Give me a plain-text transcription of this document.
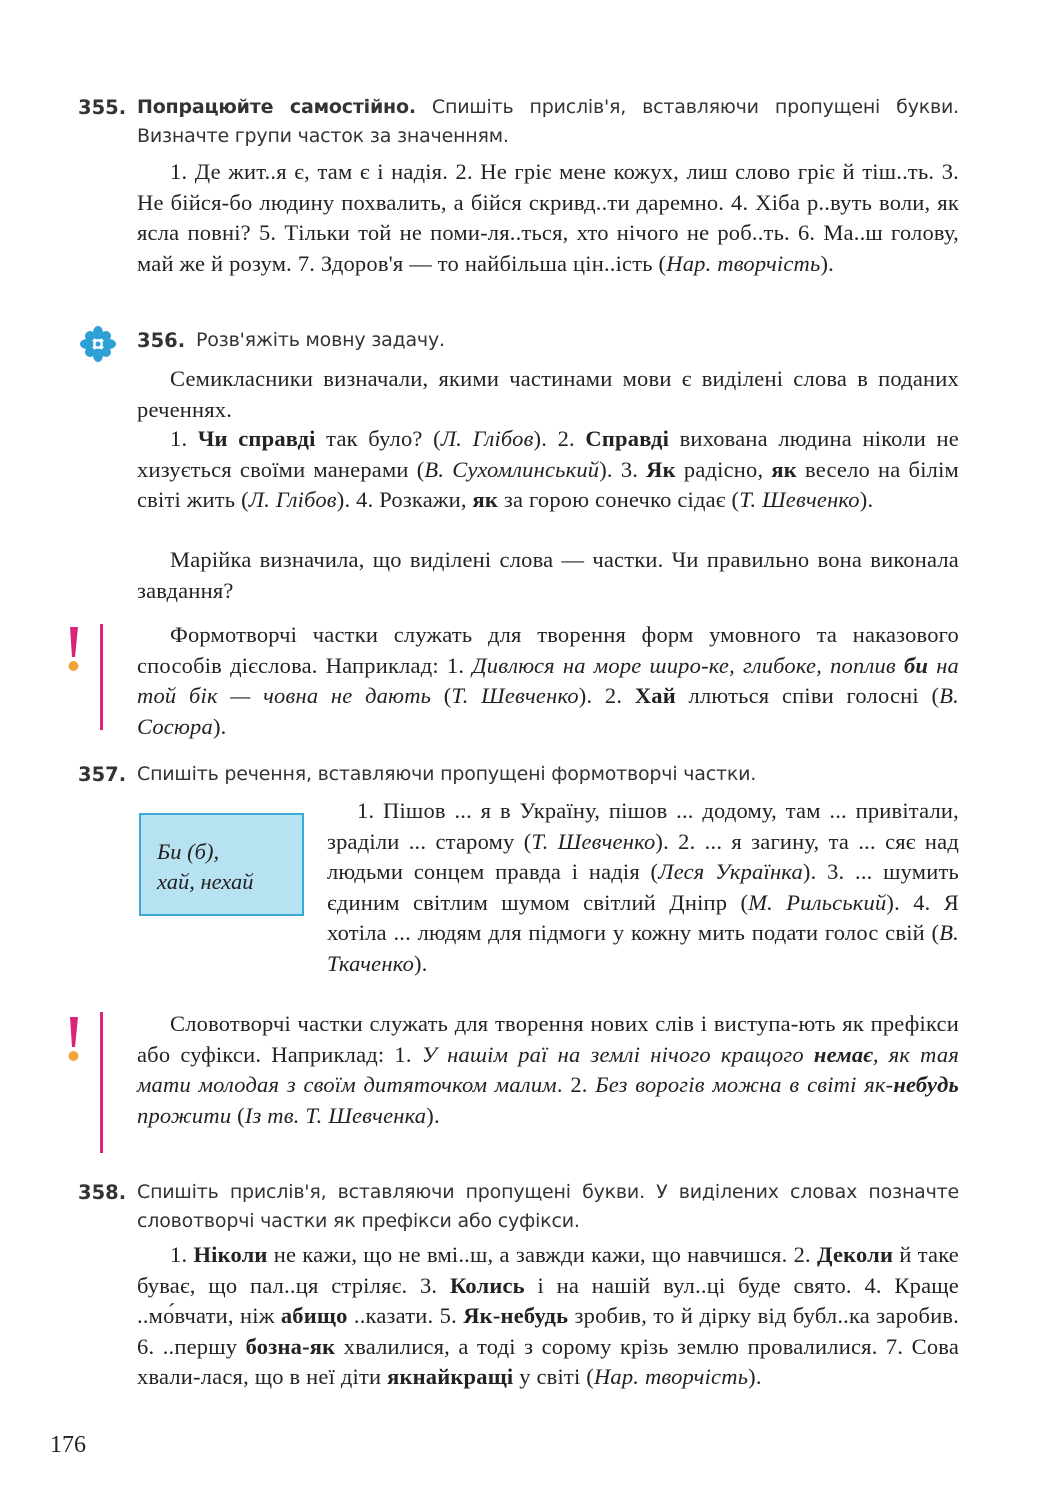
355. Попрацюйте самостійно. Спишіть прислів'я, вставляючи пропущені букви. Визначте групи часток за значенням.

1. Де жит..я є, там є і надія. 2. Не гріє мене кожух, лиш слово гріє й тіш..ть. 3. Не бійся-бо людину похвалить, а бійся скривд..ти даремно. 4. Хіба р..вуть воли, як ясла повні? 5. Тільки той не поми-ля..ться, хто нічого не роб..ть. 6. Ма..ш голову, май же й розум. 7. Здоров'я — то найбільша цін..ість (Нар. творчість).

356. Розв'яжіть мовну задачу.

Семикласники визначали, якими частинами мови є виділені слова в поданих реченнях.

1. Чи справді так було? (Л. Глібов). 2. Справді вихована людина ніколи не хизується своїми манерами (В. Сухомлинський). 3. Як радісно, як весело на білім світі жить (Л. Глібов). 4. Розкажи, як за горою сонечко сідає (Т. Шевченко).

Марійка визначила, що виділені слова — частки. Чи правильно вона виконала завдання?

Формотворчі частки служать для творення форм умовного та наказового способів дієслова. Наприклад: 1. Дивлюся на море широ-ке, глибоке, поплив би на той бік — човна не дають (Т. Шевченко). 2. Хай ллються співи голосні (В. Сосюра).

357. Спишіть речення, вставляючи пропущені формотворчі частки.

Би (б),
хай, нехай

1. Пішов ... я в Україну, пішов ... додому, там ... привітали, зраділи ... старому (Т. Шевченко). 2. ... я загину, та ... сяє над людьми сонцем правда і надія (Леся Українка). 3. ... шумить єдиним світлим шумом світлий Дніпр (М. Рильський). 4. Я хотіла ... людям для підмоги у кожну мить подати голос свій (В. Ткаченко).

Словотворчі частки служать для творення нових слів і виступа-ють як префікси або суфікси. Наприклад: 1. У нашім раї на землі нічого кращого немає, як тая мати молодая з своїм дитяточком малим. 2. Без ворогів можна в світі як-небудь прожити (Із тв. Т. Шевченка).

358. Спишіть прислів'я, вставляючи пропущені букви. У виділених словах позначте словотворчі частки як префікси або суфікси.

1. Ніколи не кажи, що не вмі..ш, а завжди кажи, що навчишся. 2. Деколи й таке буває, що пал..ця стріляє. 3. Колись і на нашій вул..ці буде свято. 4. Краще ..мо́вчати, ніж абищо ..казати. 5. Як-небудь зробив, то й дірку від бубл..ка заробив. 6. ..першу бозна-як хвалилися, а тоді з сорому крізь землю провалилися. 7. Сова хвали-лася, що в неї діти якнайкращі у світі (Нар. творчість).

176
